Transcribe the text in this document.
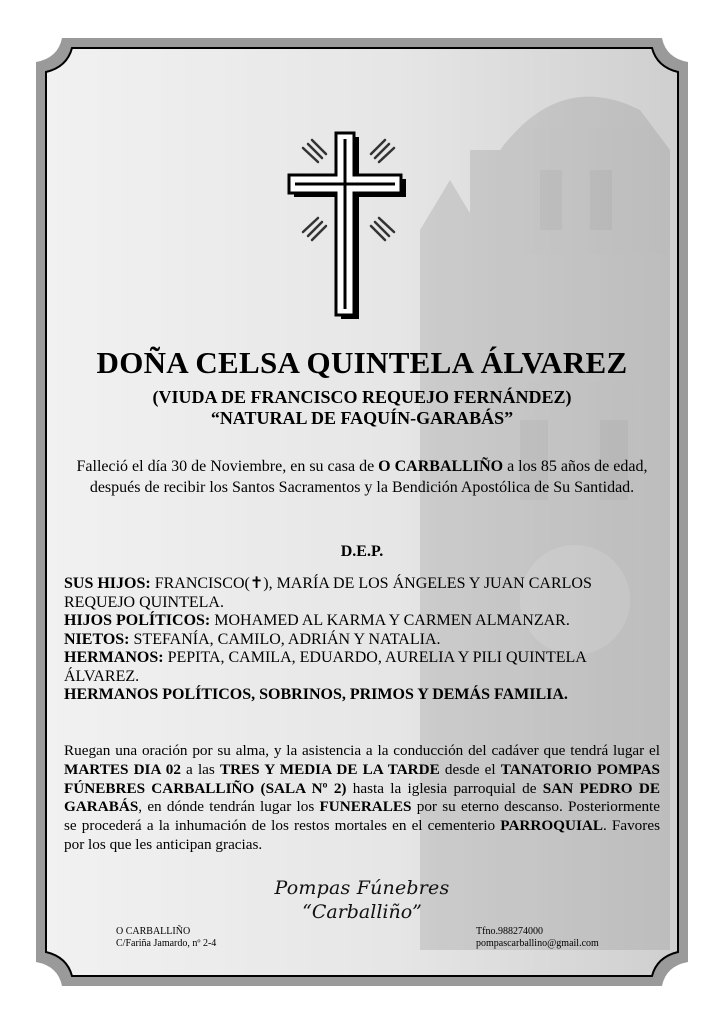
DOÑA CELSA QUINTELA ÁLVAREZ
(VIUDA DE FRANCISCO REQUEJO FERNÁNDEZ)
“NATURAL DE FAQUÍN-GARABÁS”
Falleció el día 30 de Noviembre, en su casa de O CARBALLIÑO a los 85 años de edad, después de recibir los Santos Sacramentos y la Bendición Apostólica de Su Santidad.
D.E.P.
SUS HIJOS: FRANCISCO(✝), MARÍA DE LOS ÁNGELES Y JUAN CARLOS REQUEJO QUINTELA.
HIJOS POLÍTICOS: MOHAMED AL KARMA Y CARMEN ALMANZAR.
NIETOS: STEFANÍA, CAMILO, ADRIÁN Y NATALIA.
HERMANOS: PEPITA, CAMILA, EDUARDO, AURELIA Y PILI QUINTELA ÁLVAREZ.
HERMANOS POLÍTICOS, SOBRINOS, PRIMOS Y DEMÁS FAMILIA.
Ruegan una oración por su alma, y la asistencia a la conducción del cadáver que tendrá lugar el MARTES DIA 02 a las TRES Y MEDIA DE LA TARDE desde el TANATORIO POMPAS FÚNEBRES CARBALLIÑO (SALA Nº 2) hasta la iglesia parroquial de SAN PEDRO DE GARABÁS, en dónde tendrán lugar los FUNERALES por su eterno descanso. Posteriormente se procederá a la inhumación de los restos mortales en el cementerio PARROQUIAL. Favores por los que les anticipan gracias.
Pompas Fúnebres
“Carballiño”
O CARBALLIÑO
C/Fariña Jamardo, nº 2-4
Tfno.988274000
pompascarballino@gmail.com
